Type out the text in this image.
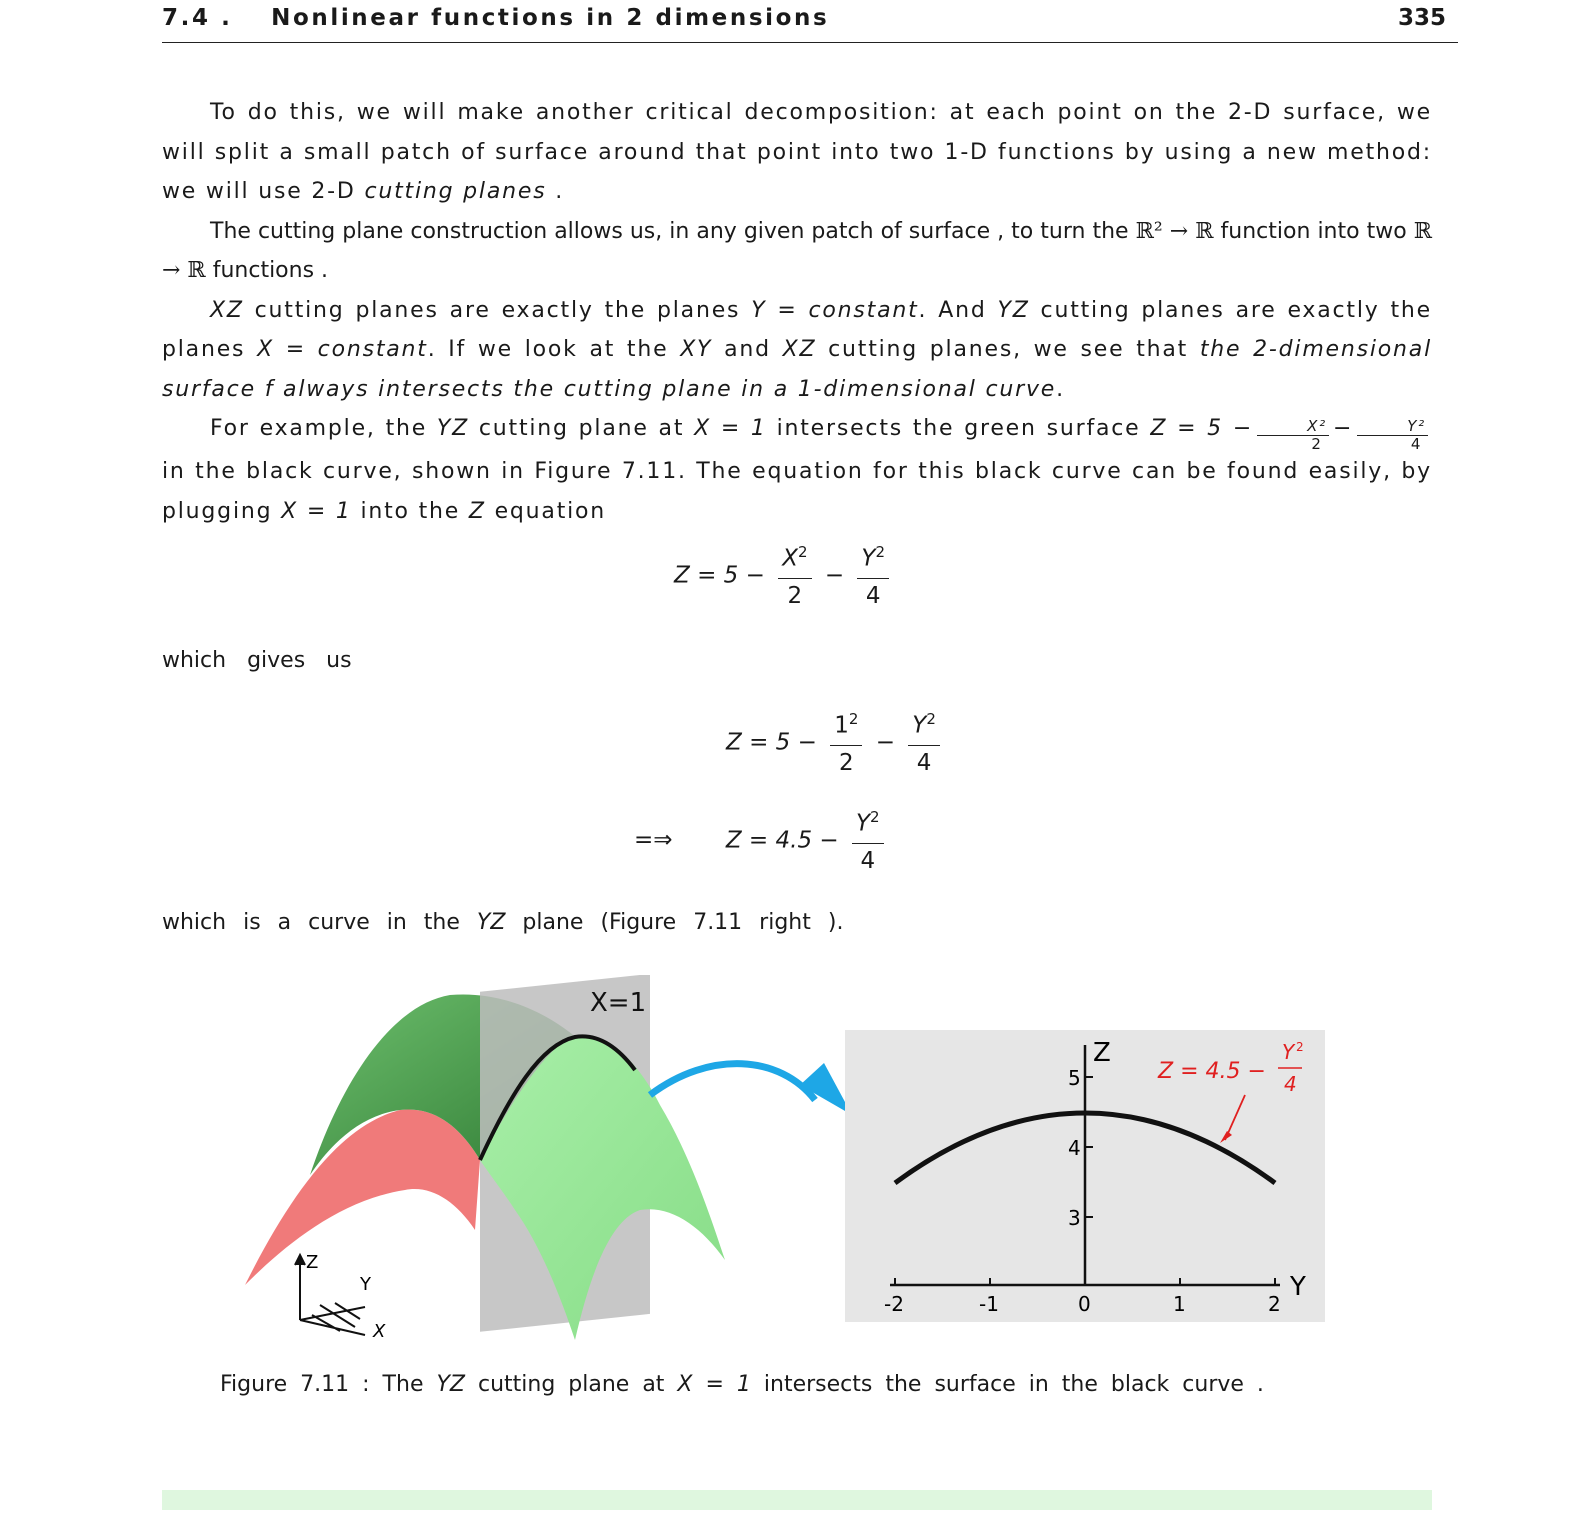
7.4 . Nonlinear functions in 2 dimensions	335

To do this, we will make another critical decomposition: at each point on the 2-D surface, we will split a small patch of surface around that point into two 1-D functions by using a new method: we will use 2-D cutting planes .

The cutting plane construction allows us, in any given patch of surface , to turn the ℝ² → ℝ function into two ℝ → ℝ functions .

XZ cutting planes are exactly the planes Y = constant. And YZ cutting planes are exactly the planes X = constant. If we look at the XY and XZ cutting planes, we see that the 2-dimensional surface f always intersects the cutting plane in a 1-dimensional curve.

For example, the YZ cutting plane at X = 1 intersects the green surface $Z = 5 - \frac{\text{X²}}{2} - \frac{\text{Y²}}{4}$
in the black curve, shown in Figure 7.11. The equation for this black curve can be found easily, by plugging X = 1 into the Z equation

$Z = 5 - \frac{X^2}{2} - \frac{Y^2}{4}$
which gives us
$Z = 5 - \frac{1^2}{2} - \frac{Y^2}{4}$
=⇒ $Z = 4.5 - \frac{Y^2}{4}$
which is a curve in the YZ plane (Figure 7.11 right ).
X=1
Z
Y
X
Z
Y
5
4
3
-2	-1	0	1	2
Z = 4.5 −
Y 2
4
Figure 7.11 : The YZ cutting plane at X = 1 intersects the surface in the black curve .
